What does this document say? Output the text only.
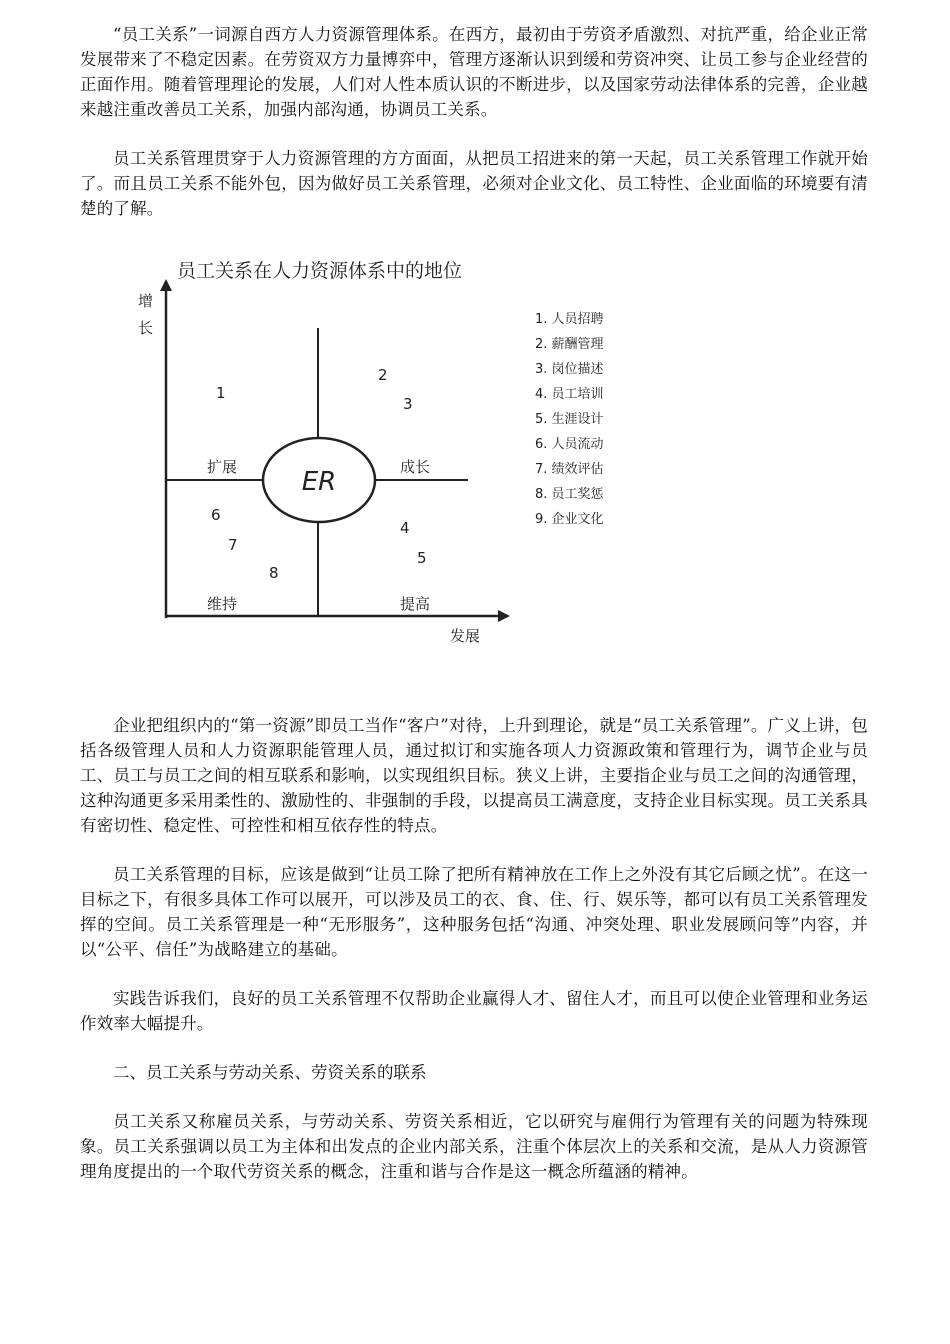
“员工关系”一词源自西方人力资源管理体系。在西方，最初由于劳资矛盾激烈、对抗严重，给企业正常发展带来了不稳定因素。在劳资双方力量博弈中，管理方逐渐认识到缓和劳资冲突、让员工参与企业经营的正面作用。随着管理理论的发展，人们对人性本质认识的不断进步，以及国家劳动法律体系的完善，企业越来越注重改善员工关系，加强内部沟通，协调员工关系。

员工关系管理贯穿于人力资源管理的方方面面，从把员工招进来的第一天起，员工关系管理工作就开始了。而且员工关系不能外包，因为做好员工关系管理，必须对企业文化、员工特性、企业面临的环境要有清楚的了解。

员工关系在人力资源体系中的地位
增
长
ER
扩展	成长
维持	提高
1
2
3
4
5
6
7
8
发展
1. 人员招聘
2. 薪酬管理
3. 岗位描述
4. 员工培训
5. 生涯设计
6. 人员流动
7. 绩效评估
8. 员工奖惩
9. 企业文化

企业把组织内的“第一资源”即员工当作“客户”对待，上升到理论，就是“员工关系管理”。广义上讲，包括各级管理人员和人力资源职能管理人员，通过拟订和实施各项人力资源政策和管理行为，调节企业与员工、员工与员工之间的相互联系和影响，以实现组织目标。狭义上讲，主要指企业与员工之间的沟通管理，这种沟通更多采用柔性的、激励性的、非强制的手段，以提高员工满意度，支持企业目标实现。员工关系具有密切性、稳定性、可控性和相互依存性的特点。

员工关系管理的目标，应该是做到“让员工除了把所有精神放在工作上之外没有其它后顾之忧”。在这一目标之下，有很多具体工作可以展开，可以涉及员工的衣、食、住、行、娱乐等，都可以有员工关系管理发挥的空间。员工关系管理是一种“无形服务”，这种服务包括“沟通、冲突处理、职业发展顾问等”内容，并以“公平、信任”为战略建立的基础。

实践告诉我们，良好的员工关系管理不仅帮助企业赢得人才、留住人才，而且可以使企业管理和业务运作效率大幅提升。

二、员工关系与劳动关系、劳资关系的联系

员工关系又称雇员关系，与劳动关系、劳资关系相近，它以研究与雇佣行为管理有关的问题为特殊现象。员工关系强调以员工为主体和出发点的企业内部关系，注重个体层次上的关系和交流，是从人力资源管理角度提出的一个取代劳资关系的概念，注重和谐与合作是这一概念所蕴涵的精神。
